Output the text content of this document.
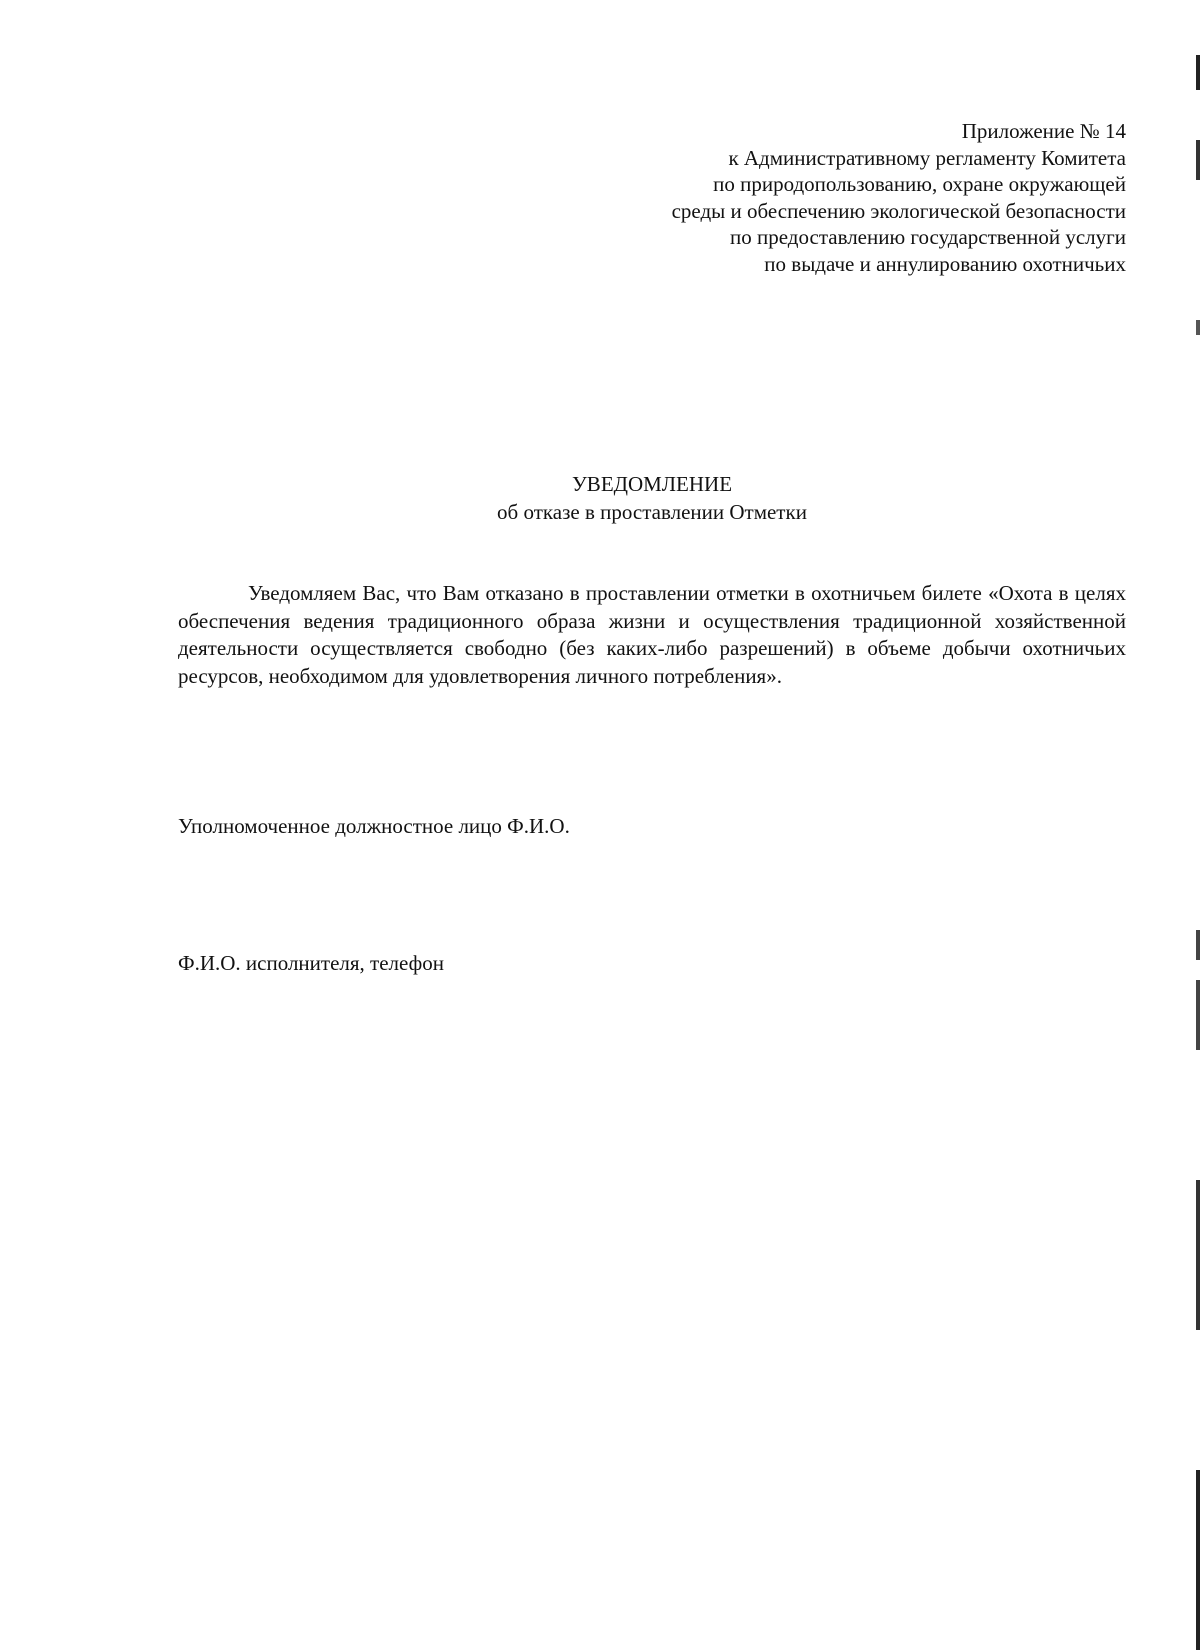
Приложение № 14
к Административному регламенту Комитета
по природопользованию, охране окружающей
среды и обеспечению экологической безопасности
по предоставлению государственной услуги
по выдаче и аннулированию охотничьих
УВЕДОМЛЕНИЕ
об отказе в проставлении Отметки

Уведомляем Вас, что Вам отказано в проставлении отметки в охотничьем билете «Охота в целях обеспечения ведения традиционного образа жизни и осуществления традиционной хозяйственной деятельности осуществляется свободно (без каких-либо разрешений) в объеме добычи охотничьих ресурсов, необходимом для удовлетворения личного потребления».

Уполномоченное должностное лицо Ф.И.О.
Ф.И.О. исполнителя, телефон
